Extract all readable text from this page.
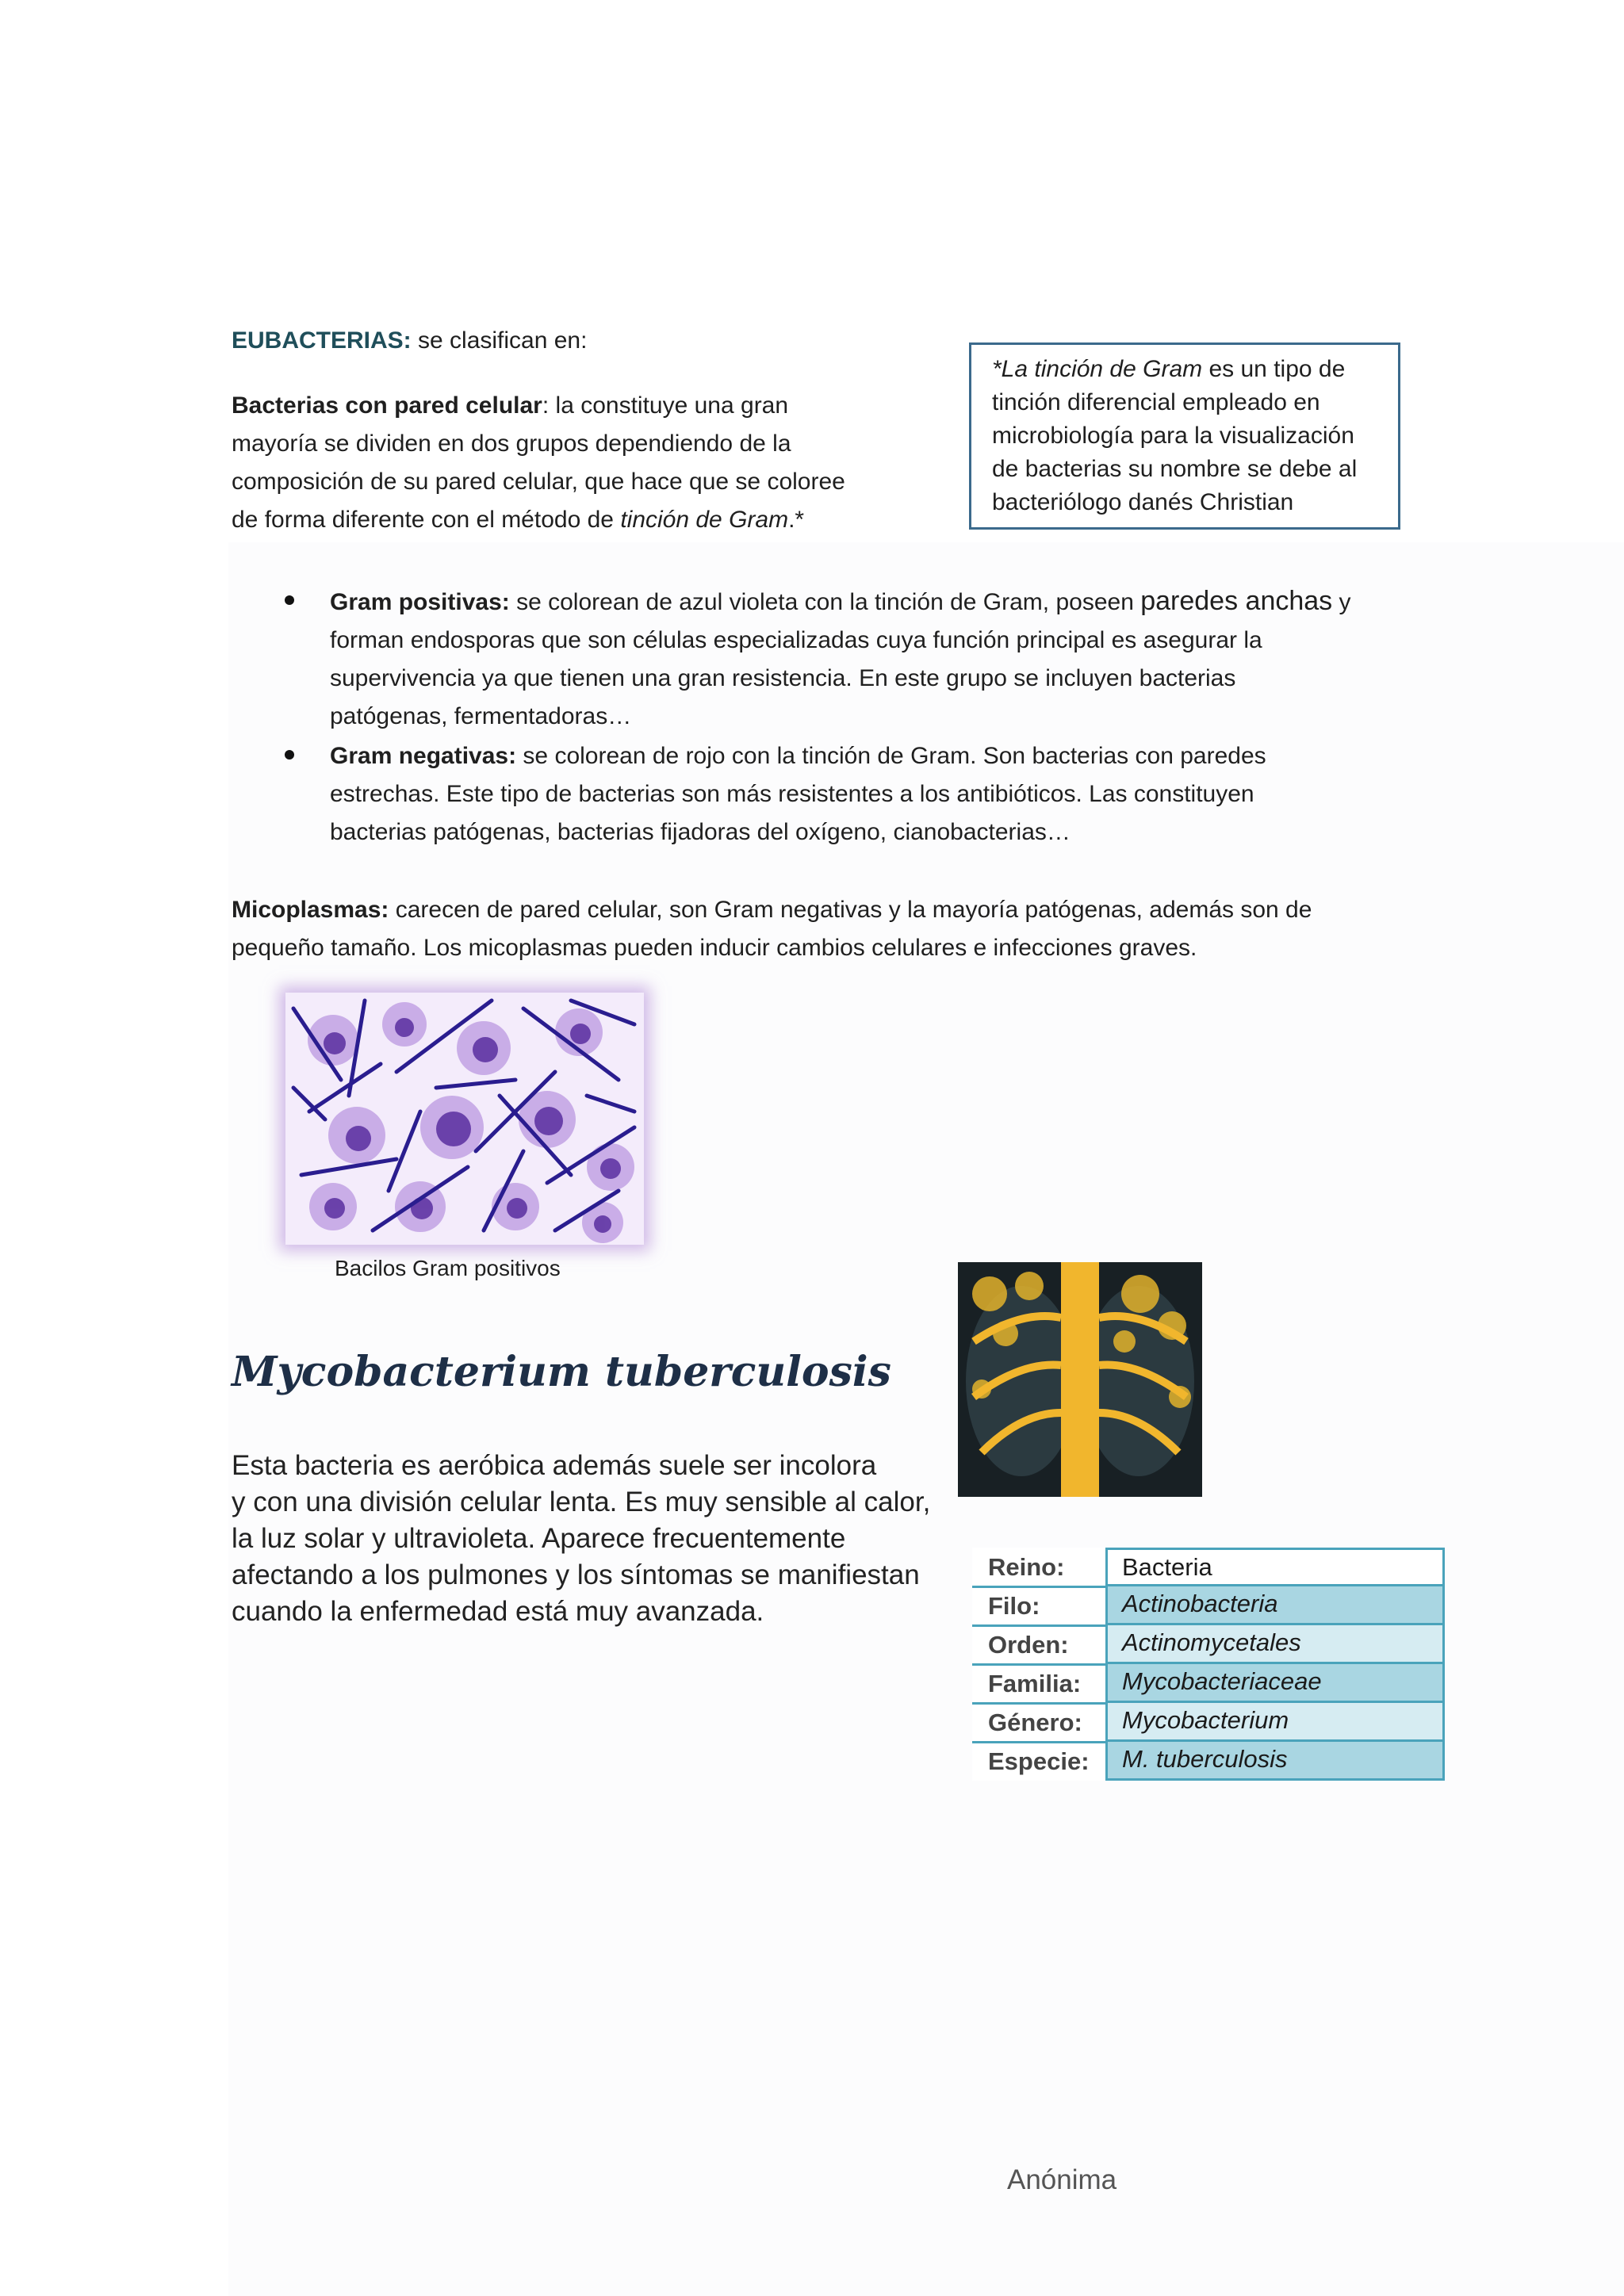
EUBACTERIAS: se clasifican en:
Bacterias con pared celular: la constituye una gran
mayoría se dividen en dos grupos dependiendo de la
composición de su pared celular, que hace que se coloree
de forma diferente con el método de tinción de Gram.*

*La tinción de Gram es un tipo de

tinción diferencial empleado en

microbiología para la visualización

de bacterias su nombre se debe al

bacteriólogo danés Christian

Gram positivas: se colorean de azul violeta con la tinción de Gram, poseen paredes anchas y
forman endosporas que son células especializadas cuya función principal es asegurar la
supervivencia ya que tienen una gran resistencia. En este grupo se incluyen bacterias
patógenas, fermentadoras…
Gram negativas: se colorean de rojo con la tinción de Gram. Son bacterias con paredes
estrechas. Este tipo de bacterias son más resistentes a los antibióticos. Las constituyen
bacterias patógenas, bacterias fijadoras del oxígeno, cianobacterias…
Micoplasmas: carecen de pared celular, son Gram negativas y la mayoría patógenas, además son de
pequeño tamaño. Los micoplasmas pueden inducir cambios celulares e infecciones graves.
Bacilos Gram positivos
Mycobacterium tuberculosis
Esta bacteria es aeróbica además suele ser incolora
y con una división celular lenta. Es muy sensible al calor,
la luz solar y ultravioleta. Aparece frecuentemente
afectando a los pulmones y los síntomas se manifiestan
cuando la enfermedad está muy avanzada.
Reino:	Bacteria
Filo:	Actinobacteria
Orden:	Actinomycetales
Familia:	Mycobacteriaceae
Género:	Mycobacterium
Especie:	M. tuberculosis
Anónima
